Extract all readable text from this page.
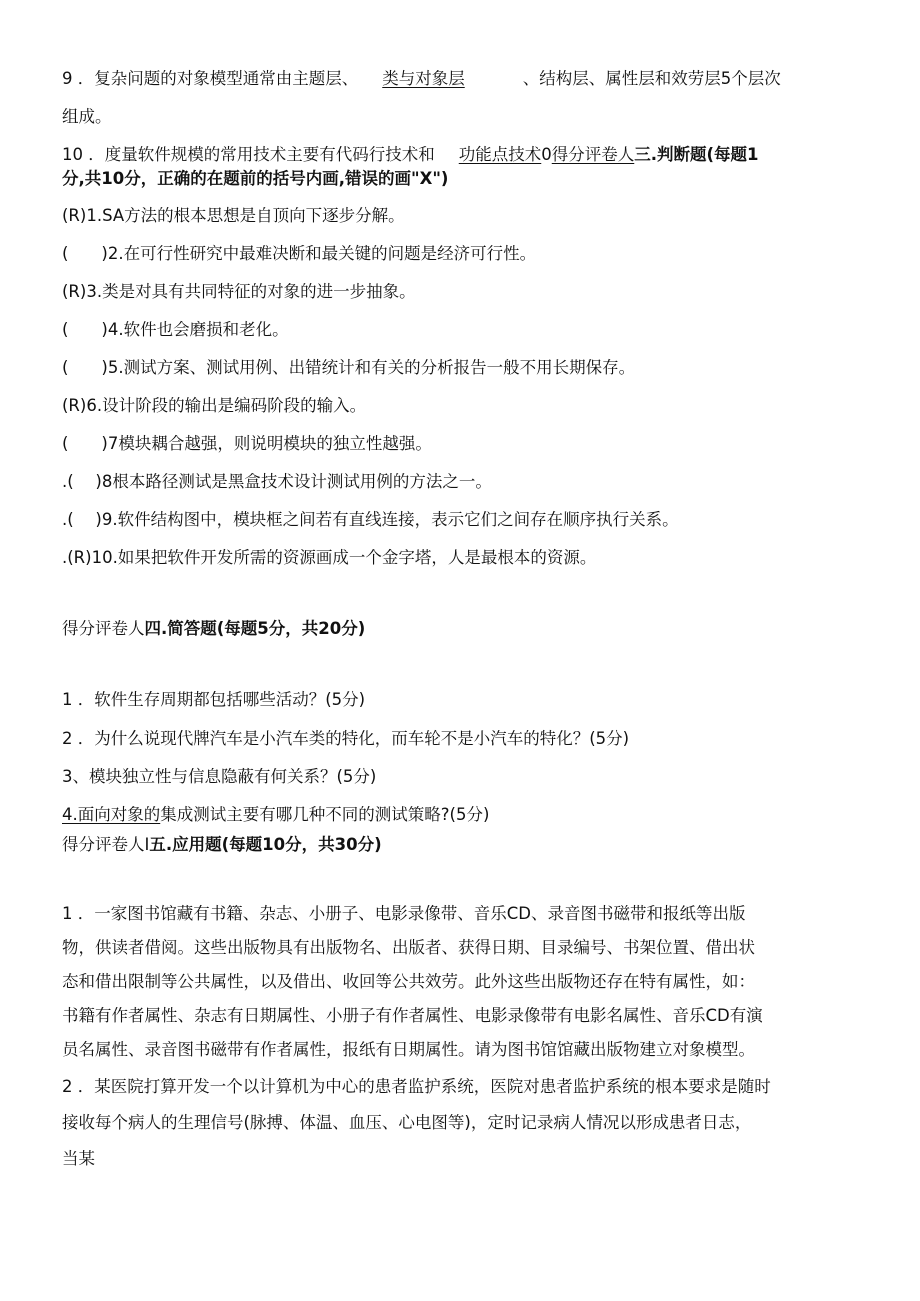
9 ．复杂问题的对象模型通常由主题层、 类与对象层	、结构层、属性层和效劳层5个层次
组成。
10 ．度量软件规模的常用技术主要有代码行技术和 功能点技术0得分评卷人三.判断题(每题1
分,共10分，正确的在题前的括号内画,错误的画"X")
(R)1.SA方法的根本思想是自顶向下逐步分解。
(　　)2.在可行性研究中最难决断和最关键的问题是经济可行性。
(R)3.类是对具有共同特征的对象的进一步抽象。
(　　)4.软件也会磨损和老化。
(　　)5.测试方案、测试用例、出错统计和有关的分析报告一般不用长期保存。
(R)6.设计阶段的输出是编码阶段的输入。
(　　)7模块耦合越强，则说明模块的独立性越强。
.(　 )8根本路径测试是黑盒技术设计测试用例的方法之一。
.(　 )9.软件结构图中，模块框之间若有直线连接，表示它们之间存在顺序执行关系。
.(R)10.如果把软件开发所需的资源画成一个金字塔，人是最根本的资源。
得分评卷人四.简答题(每题5分，共20分)
1 ．软件生存周期都包括哪些活动？(5分)
2 ．为什么说现代牌汽车是小汽车类的特化，而车轮不是小汽车的特化？(5分)
3、模块独立性与信息隐蔽有何关系？(5分)
4.面向对象的集成测试主要有哪几种不同的测试策略?(5分)
得分评卷人I五.应用题(每题10分，共30分)
1 ．一家图书馆藏有书籍、杂志、小册子、电影录像带、音乐CD、录音图书磁带和报纸等出版
物，供读者借阅。这些出版物具有出版物名、出版者、获得日期、目录编号、书架位置、借出状
态和借出限制等公共属性，以及借出、收回等公共效劳。此外这些出版物还存在特有属性，如：
书籍有作者属性、杂志有日期属性、小册子有作者属性、电影录像带有电影名属性、音乐CD有演
员名属性、录音图书磁带有作者属性，报纸有日期属性。请为图书馆馆藏出版物建立对象模型。
2 ．某医院打算开发一个以计算机为中心的患者监护系统，医院对患者监护系统的根本要求是随时
接收每个病人的生理信号(脉搏、体温、血压、心电图等)，定时记录病人情况以形成患者日志，
当某
